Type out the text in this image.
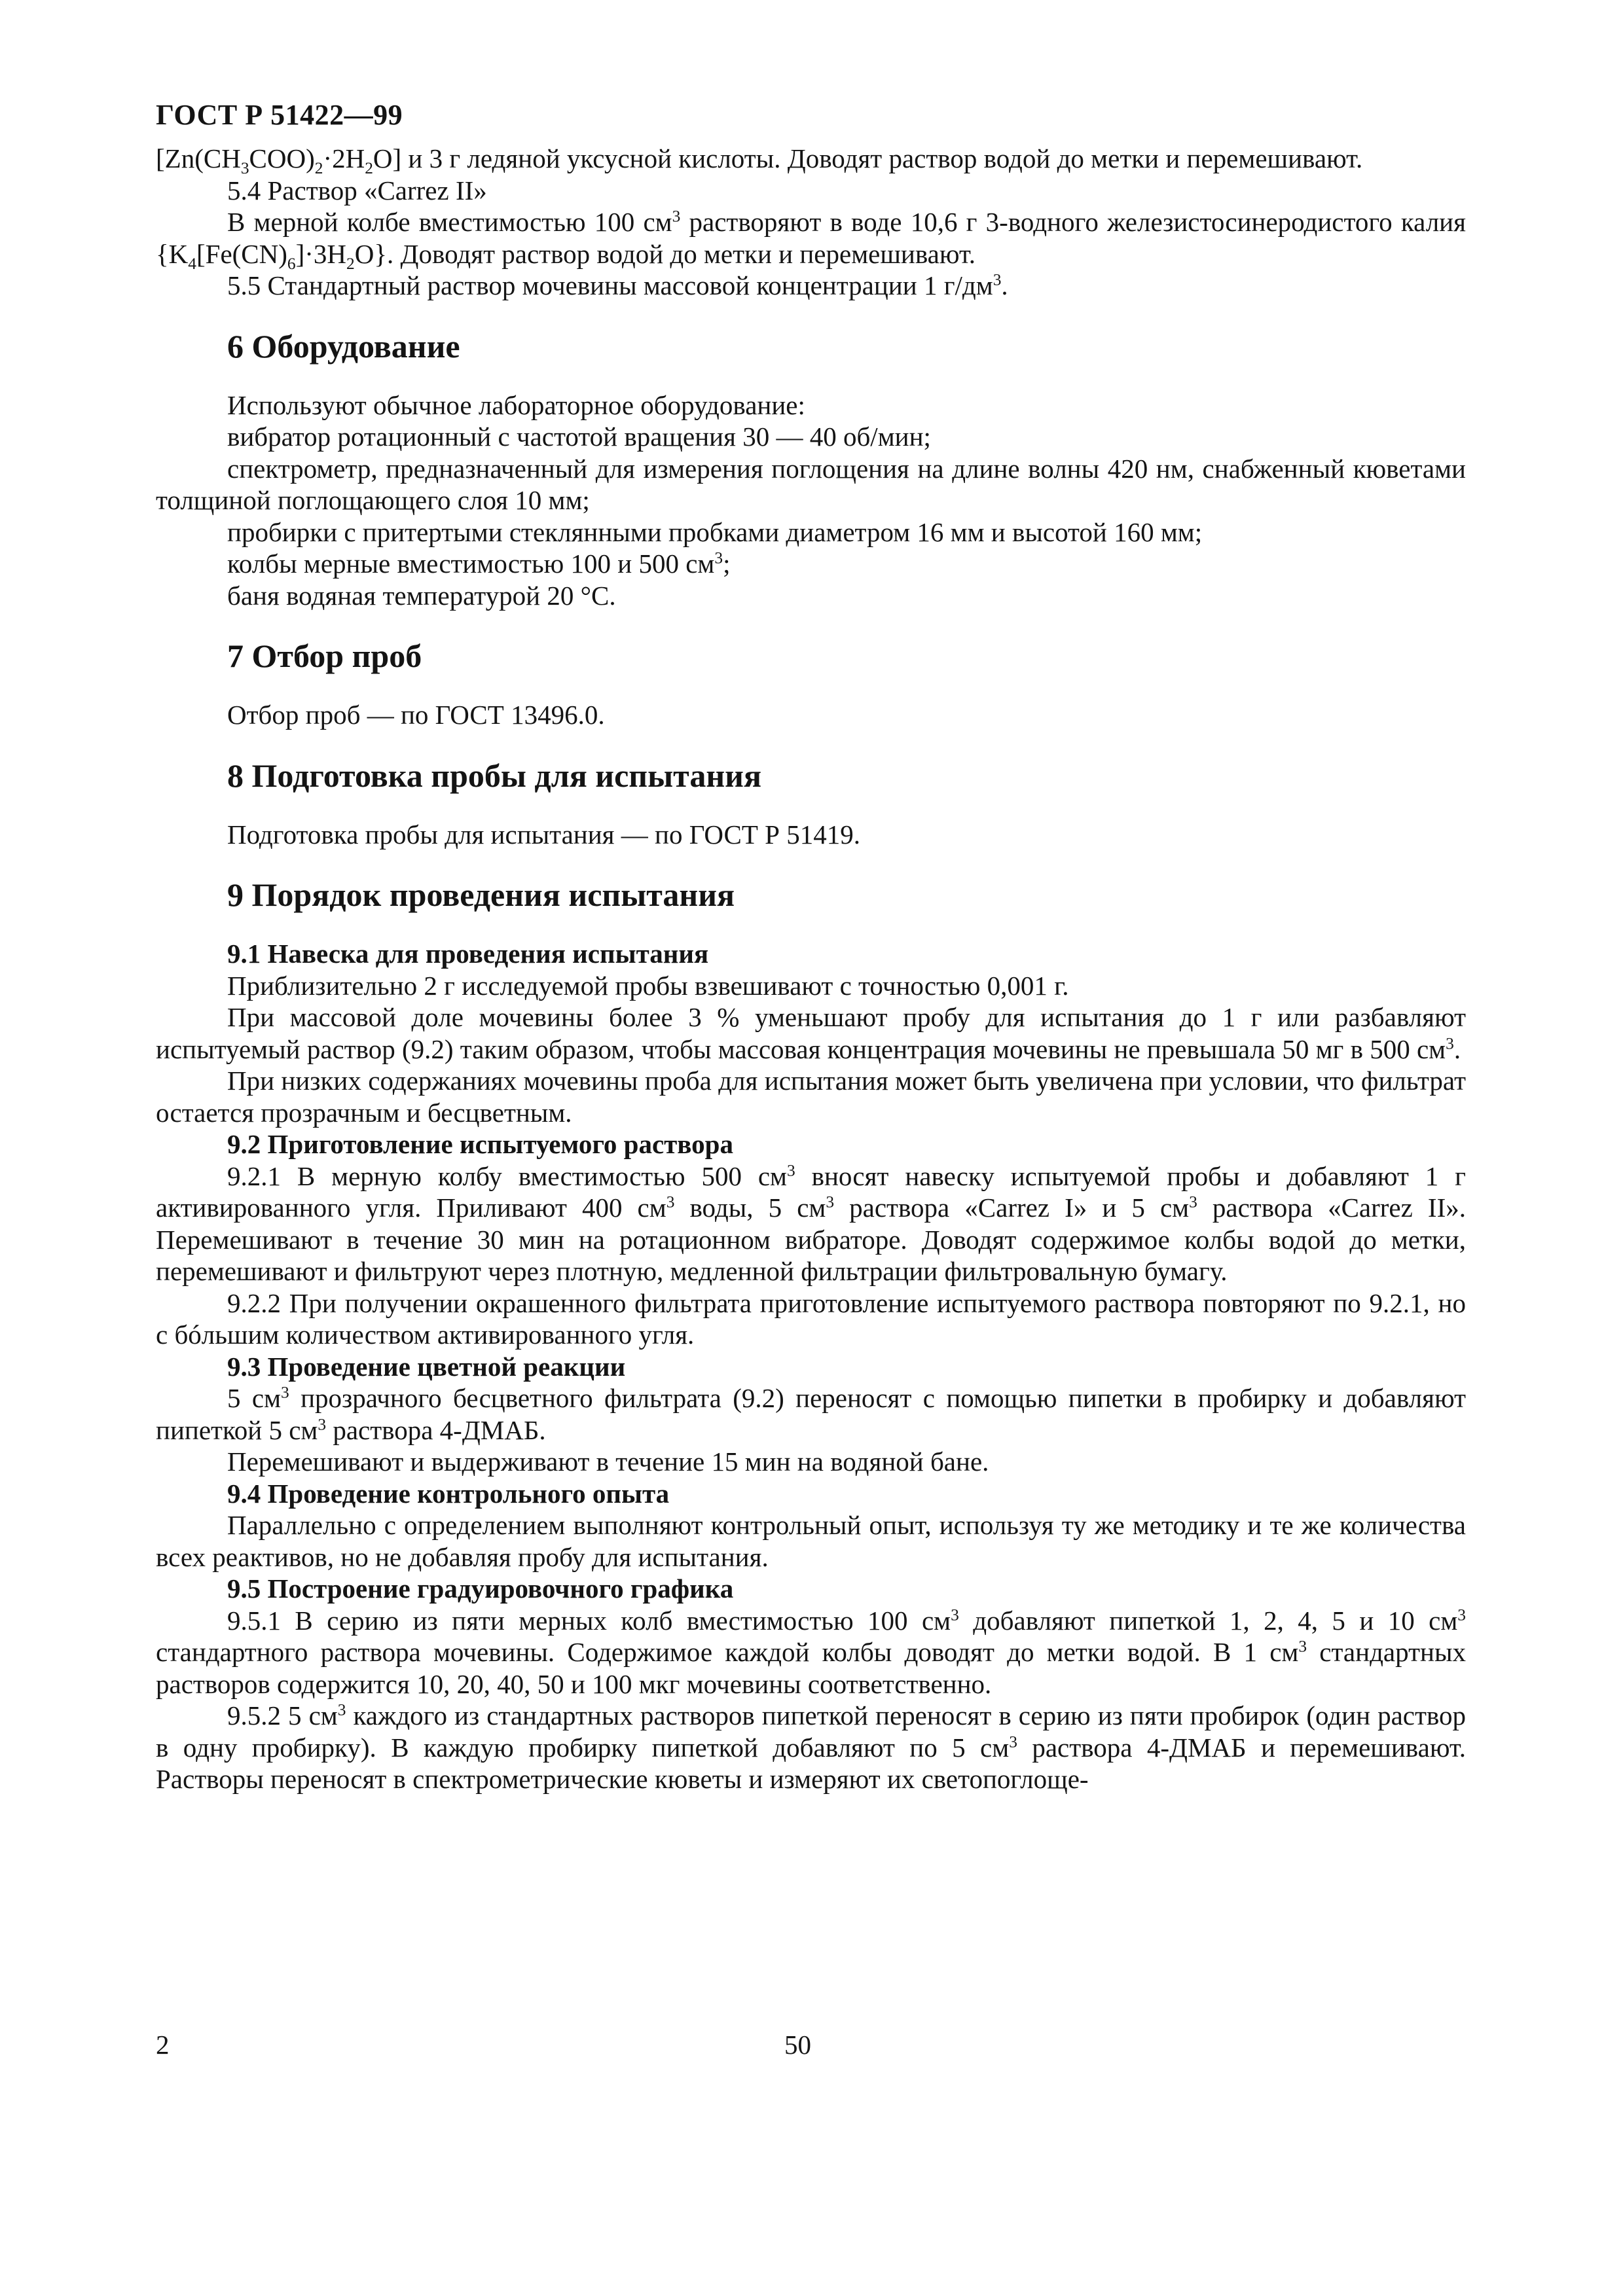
ГОСТ Р 51422—99

$[Zn(CH_3COO)_2\cdot 2H_2O]$ и 3 г ледяной уксусной кислоты. Доводят раствор водой до метки и перемешивают.

5.4 Раствор «Carrez II»

В мерной колбе вместимостью 100 $см^3$ растворяют в воде 10,6 г 3-водного железистосинеродистого калия $\{K_4[Fe(CN)_6]\cdot 3H_2O\}$. Доводят раствор водой до метки и перемешивают.

5.5 Стандартный раствор мочевины массовой концентрации 1 $г/дм^3$.

6 Оборудование

Используют обычное лабораторное оборудование:

вибратор ротационный с частотой вращения 30 — 40 об/мин;

спектрометр, предназначенный для измерения поглощения на длине волны 420 нм, снабженный кюветами толщиной поглощающего слоя 10 мм;

пробирки с притертыми стеклянными пробками диаметром 16 мм и высотой 160 мм;

колбы мерные вместимостью 100 и 500 $см^3$;

баня водяная температурой 20 °С.

7 Отбор проб

Отбор проб — по ГОСТ 13496.0.

8 Подготовка пробы для испытания

Подготовка пробы для испытания — по ГОСТ Р 51419.

9 Порядок проведения испытания

9.1 Навеска для проведения испытания

Приблизительно 2 г исследуемой пробы взвешивают с точностью 0,001 г.

При массовой доле мочевины более 3 % уменьшают пробу для испытания до 1 г или разбавляют испытуемый раствор (9.2) таким образом, чтобы массовая концентрация мочевины не превышала 50 мг в 500 $см^3$.

При низких содержаниях мочевины проба для испытания может быть увеличена при условии, что фильтрат остается прозрачным и бесцветным.

9.2 Приготовление испытуемого раствора

9.2.1 В мерную колбу вместимостью 500 $см^3$ вносят навеску испытуемой пробы и добавляют 1 г активированного угля. Приливают 400 $см^3$ воды, 5 $см^3$ раствора «Carrez I» и 5 $см^3$ раствора «Carrez II». Перемешивают в течение 30 мин на ротационном вибраторе. Доводят содержимое колбы водой до метки, перемешивают и фильтруют через плотную, медленной фильтрации фильтровальную бумагу.

9.2.2 При получении окрашенного фильтрата приготовление испытуемого раствора повторяют по 9.2.1, но с бóльшим количеством активированного угля.

9.3 Проведение цветной реакции

5 $см^3$ прозрачного бесцветного фильтрата (9.2) переносят с помощью пипетки в пробирку и добавляют пипеткой 5 $см^3$ раствора 4-ДМАБ.

Перемешивают и выдерживают в течение 15 мин на водяной бане.

9.4 Проведение контрольного опыта

Параллельно с определением выполняют контрольный опыт, используя ту же методику и те же количества всех реактивов, но не добавляя пробу для испытания.

9.5 Построение градуировочного графика

9.5.1 В серию из пяти мерных колб вместимостью 100 $см^3$ добавляют пипеткой 1, 2, 4, 5 и 10 $см^3$ стандартного раствора мочевины. Содержимое каждой колбы доводят до метки водой. В 1 $см^3$ стандартных растворов содержится 10, 20, 40, 50 и 100 мкг мочевины соответственно.

9.5.2 5 $см^3$ каждого из стандартных растворов пипеткой переносят в серию из пяти пробирок (один раствор в одну пробирку). В каждую пробирку пипеткой добавляют по 5 $см^3$ раствора 4-ДМАБ и перемешивают. Растворы переносят в спектрометрические кюветы и измеряют их светопоглоще-

2	50
